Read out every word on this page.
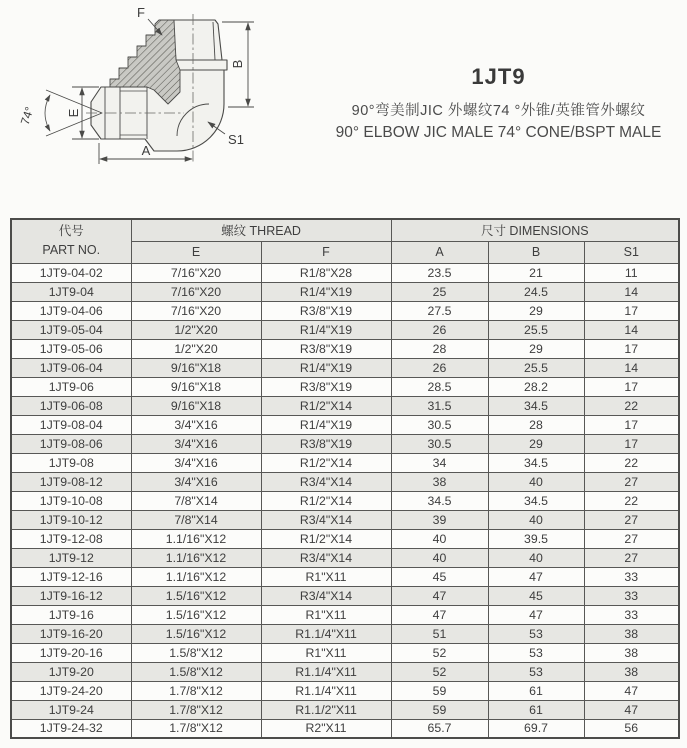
E
74°
A
B
F
S1
1JT9
90°弯美制JIC 外螺纹74 °外锥/英锥管外螺纹
90° ELBOW JIC MALE 74° CONE/BSPT MALE
代号
PART NO.	螺纹 THREAD		尺寸 DIMENSIONS		
	E	F	A	B	S1
1JT9-04-02	7/16"X20	R1/8"X28	23.5	21	11
1JT9-04	7/16"X20	R1/4"X19	25	24.5	14
1JT9-04-06	7/16"X20	R3/8"X19	27.5	29	17
1JT9-05-04	1/2"X20	R1/4"X19	26	25.5	14
1JT9-05-06	1/2"X20	R3/8"X19	28	29	17
1JT9-06-04	9/16"X18	R1/4"X19	26	25.5	14
1JT9-06	9/16"X18	R3/8"X19	28.5	28.2	17
1JT9-06-08	9/16"X18	R1/2"X14	31.5	34.5	22
1JT9-08-04	3/4"X16	R1/4"X19	30.5	28	17
1JT9-08-06	3/4"X16	R3/8"X19	30.5	29	17
1JT9-08	3/4"X16	R1/2"X14	34	34.5	22
1JT9-08-12	3/4"X16	R3/4"X14	38	40	27
1JT9-10-08	7/8"X14	R1/2"X14	34.5	34.5	22
1JT9-10-12	7/8"X14	R3/4"X14	39	40	27
1JT9-12-08	1.1/16"X12	R1/2"X14	40	39.5	27
1JT9-12	1.1/16"X12	R3/4"X14	40	40	27
1JT9-12-16	1.1/16"X12	R1"X11	45	47	33
1JT9-16-12	1.5/16"X12	R3/4"X14	47	45	33
1JT9-16	1.5/16"X12	R1"X11	47	47	33
1JT9-16-20	1.5/16"X12	R1.1/4"X11	51	53	38
1JT9-20-16	1.5/8"X12	R1"X11	52	53	38
1JT9-20	1.5/8"X12	R1.1/4"X11	52	53	38
1JT9-24-20	1.7/8"X12	R1.1/4"X11	59	61	47
1JT9-24	1.7/8"X12	R1.1/2"X11	59	61	47
1JT9-24-32	1.7/8"X12	R2"X11	65.7	69.7	56
